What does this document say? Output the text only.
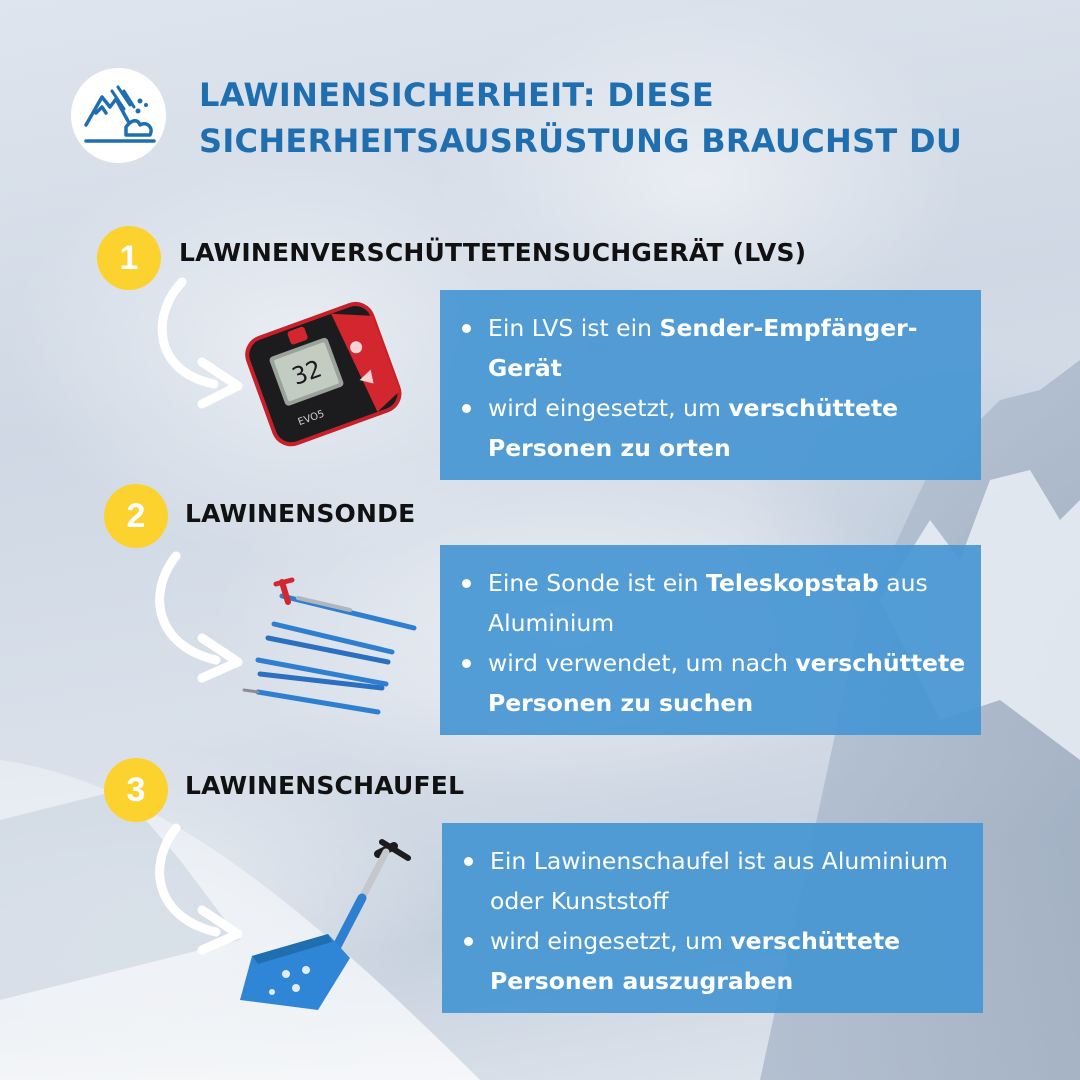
LAWINENSICHERHEIT: DIESE
SICHERHEITSAUSRÜSTUNG BRAUCHST DU
1	LAWINENVERSCHÜTTETENSUCHGERÄT (LVS)
32
EVO5
Ein LVS ist ein Sender-Empfänger-Gerät
wird eingesetzt, um verschüttete Personen zu orten
2	LAWINENSONDE
Eine Sonde ist ein Teleskopstab aus Aluminium
wird verwendet, um nach verschüttete Personen zu suchen
3	LAWINENSCHAUFEL
Ein Lawinenschaufel ist aus Aluminium oder Kunststoff
wird eingesetzt, um verschüttete Personen auszugraben
